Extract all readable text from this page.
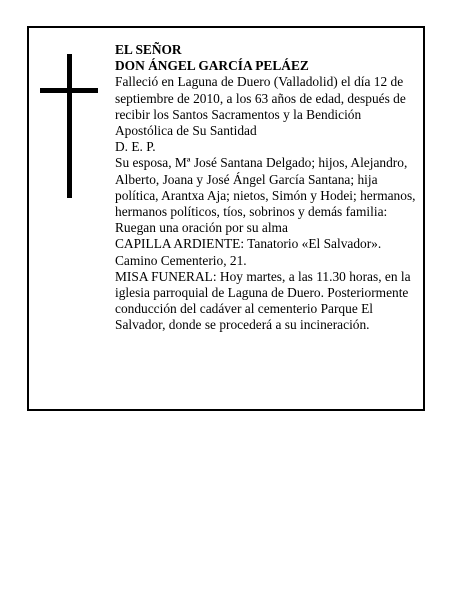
EL SEÑOR

DON ÁNGEL GARCÍA PELÁEZ

Falleció en Laguna de Duero (Valladolid) el día 12 de septiembre de 2010, a los 63 años de edad, después de recibir los Santos Sacramentos y la Bendición Apostólica de Su Santidad

D. E. P.

Su esposa, Mª José Santana Delgado; hijos, Alejandro, Alberto, Joana y José Ángel García Santana; hija política, Arantxa Aja; nietos, Simón y Hodei; hermanos, hermanos políticos, tíos, sobrinos y demás familia:

Ruegan una oración por su alma

CAPILLA ARDIENTE: Tanatorio «El Salvador». Camino Cementerio, 21.

MISA FUNERAL: Hoy martes, a las 11.30 horas, en la iglesia parroquial de Laguna de Duero. Posteriormente conducción del cadáver al cementerio Parque El Salvador, donde se procederá a su incineración.
